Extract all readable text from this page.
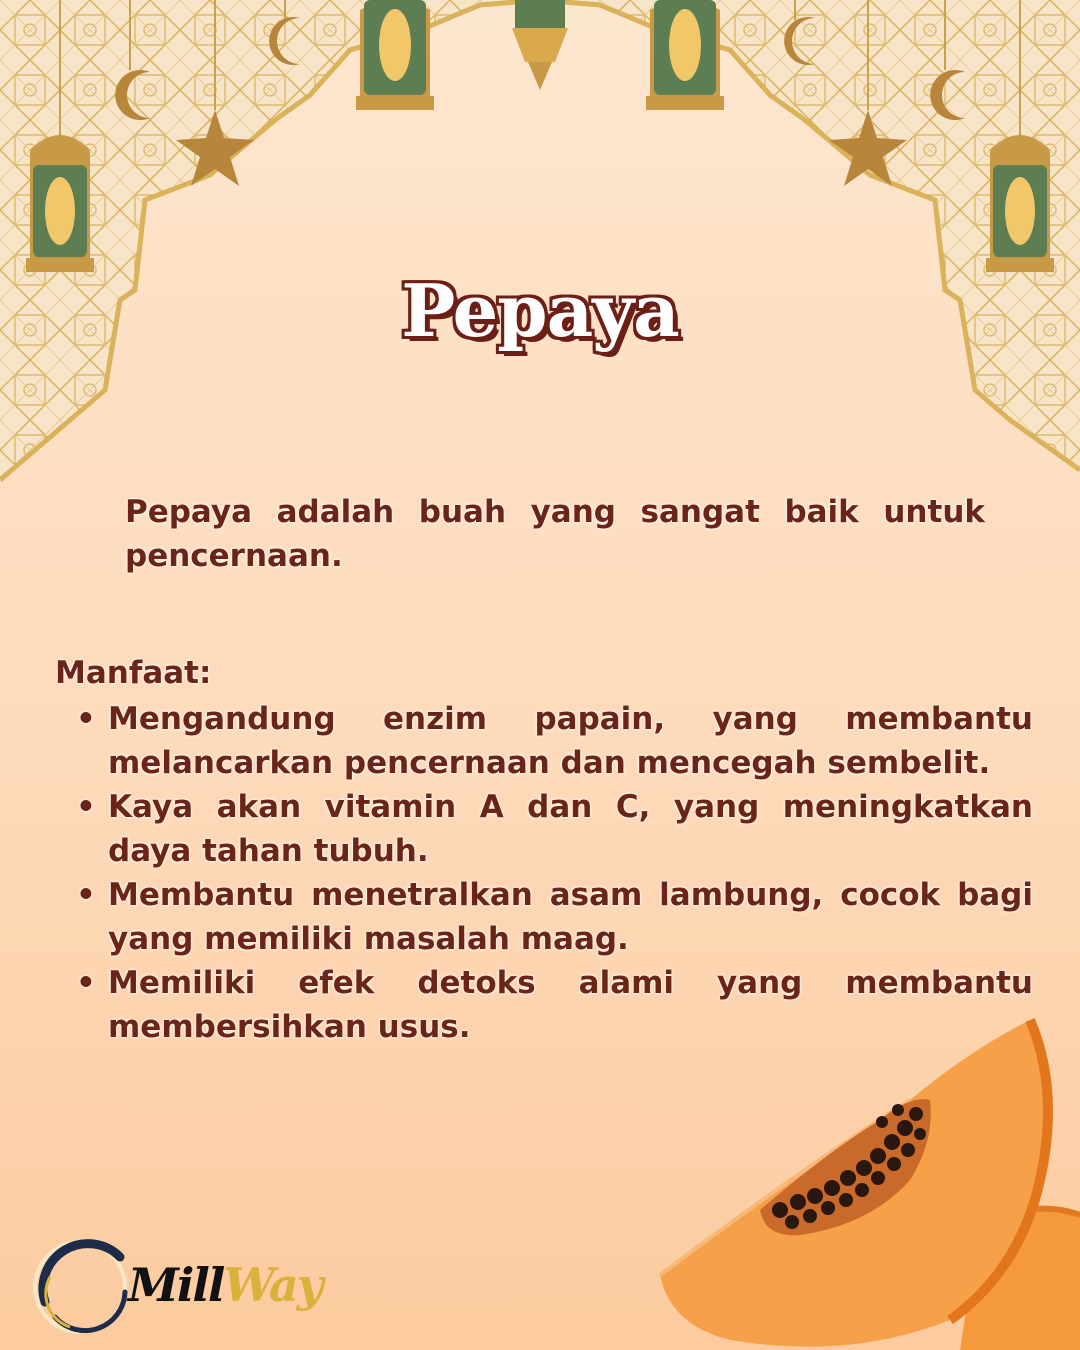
Pepaya

Pepaya adalah buah yang sangat baik untuk pencernaan.

Manfaat:
• Mengandung enzim papain, yang membantu melancarkan pencernaan dan mencegah sembelit.
• Kaya akan vitamin A dan C, yang meningkatkan daya tahan tubuh.
• Membantu menetralkan asam lambung, cocok bagi yang memiliki masalah maag.
• Memiliki efek detoks alami yang membantu membersihkan usus.
MillWay
